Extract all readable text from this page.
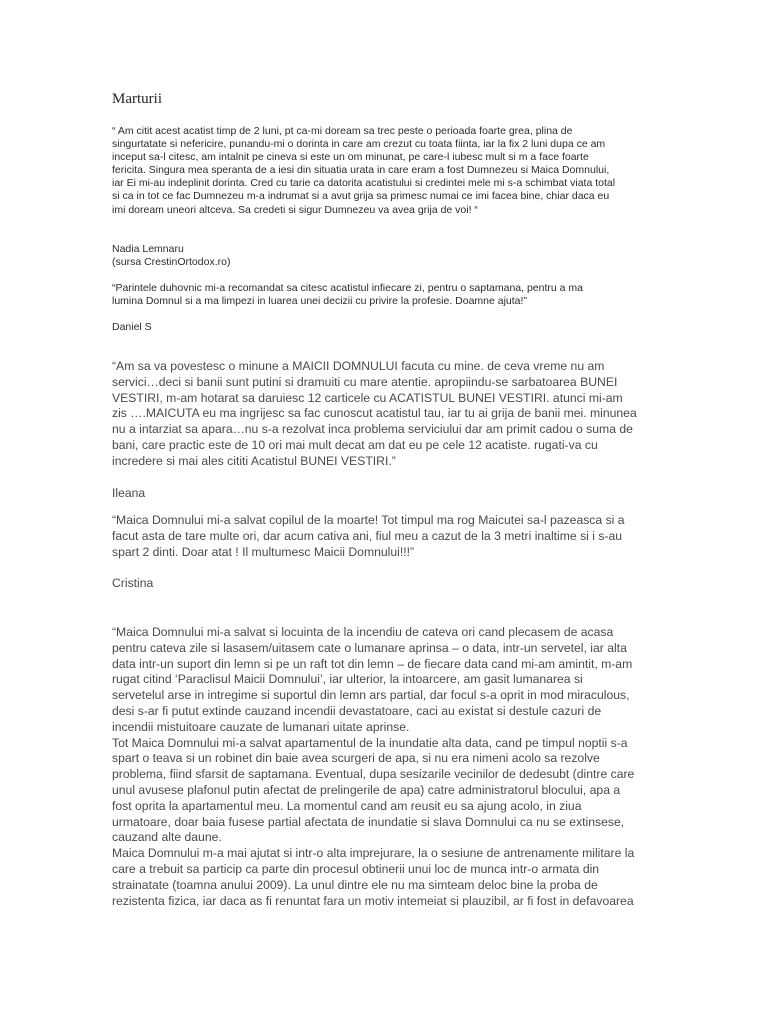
Marturii

“ Am citit acest acatist timp de 2 luni, pt ca-mi doream sa trec peste o perioada foarte grea, plina de
singurtatate si nefericire, punandu-mi o dorinta in care am crezut cu toata fiinta, iar la fix 2 luni dupa ce am
inceput sa-l citesc, am intalnit pe cineva si este un om minunat, pe care-l iubesc mult si m a face foarte
fericita. Singura mea speranta de a iesi din situatia urata in care eram a fost Dumnezeu si Maica Domnului,
iar Ei mi-au indeplinit dorinta. Cred cu tarie ca datorita acatistului si credintei mele mi s-a schimbat viata total
si ca in tot ce fac Dumnezeu m-a indrumat si a avut grija sa primesc numai ce imi facea bine, chiar daca eu
imi doream uneori altceva. Sa credeti si sigur Dumnezeu va avea grija de voi! “

Nadia Lemnaru
(sursa CrestinOrtodox.ro)

“Parintele duhovnic mi-a recomandat sa citesc acatistul infiecare zi, pentru o saptamana, pentru a ma
lumina Domnul si a ma limpezi in luarea unei decizii cu privire la profesie. Doamne ajuta!”

Daniel S

“Am sa va povestesc o minune a MAICII DOMNULUI facuta cu mine. de ceva vreme nu am
servici…deci si banii sunt putini si dramuiti cu mare atentie. apropiindu-se sarbatoarea BUNEI
VESTIRI, m-am hotarat sa daruiesc 12 carticele cu ACATISTUL BUNEI VESTIRI. atunci mi-am
zis ….MAICUTA eu ma ingrijesc sa fac cunoscut acatistul tau, iar tu ai grija de banii mei. minunea
nu a intarziat sa apara…nu s-a rezolvat inca problema serviciului dar am primit cadou o suma de
bani, care practic este de 10 ori mai mult decat am dat eu pe cele 12 acatiste. rugati-va cu
incredere si mai ales cititi Acatistul BUNEI VESTIRI.”

Ileana

“Maica Domnului mi-a salvat copilul de la moarte! Tot timpul ma rog Maicutei sa-l pazeasca si a
facut asta de tare multe ori, dar acum cativa ani, fiul meu a cazut de la 3 metri inaltime si i s-au
spart 2 dinti. Doar atat ! Il multumesc Maicii Domnului!!!”

Cristina

“Maica Domnului mi-a salvat si locuinta de la incendiu de cateva ori cand plecasem de acasa
pentru cateva zile si lasasem/uitasem cate o lumanare aprinsa – o data, intr-un servetel, iar alta
data intr-un suport din lemn si pe un raft tot din lemn – de fiecare data cand mi-am amintit, m-am
rugat citind ‘Paraclisul Maicii Domnului’, iar ulterior, la intoarcere, am gasit lumanarea si
servetelul arse in intregime si suportul din lemn ars partial, dar focul s-a oprit in mod miraculous,
desi s-ar fi putut extinde cauzand incendii devastatoare, caci au existat si destule cazuri de
incendii mistuitoare cauzate de lumanari uitate aprinse.
Tot Maica Domnului mi-a salvat apartamentul de la inundatie alta data, cand pe timpul noptii s-a
spart o teava si un robinet din baie avea scurgeri de apa, si nu era nimeni acolo sa rezolve
problema, fiind sfarsit de saptamana. Eventual, dupa sesizarile vecinilor de dedesubt (dintre care
unul avusese plafonul putin afectat de prelingerile de apa) catre administratorul blocului, apa a
fost oprita la apartamentul meu. La momentul cand am reusit eu sa ajung acolo, in ziua
urmatoare, doar baia fusese partial afectata de inundatie si slava Domnului ca nu se extinsese,
cauzand alte daune.
Maica Domnului m-a mai ajutat si intr-o alta imprejurare, la o sesiune de antrenamente militare la
care a trebuit sa particip ca parte din procesul obtinerii unui loc de munca intr-o armata din
strainatate (toamna anului 2009). La unul dintre ele nu ma simteam deloc bine la proba de
rezistenta fizica, iar daca as fi renuntat fara un motiv intemeiat si plauzibil, ar fi fost in defavoarea
